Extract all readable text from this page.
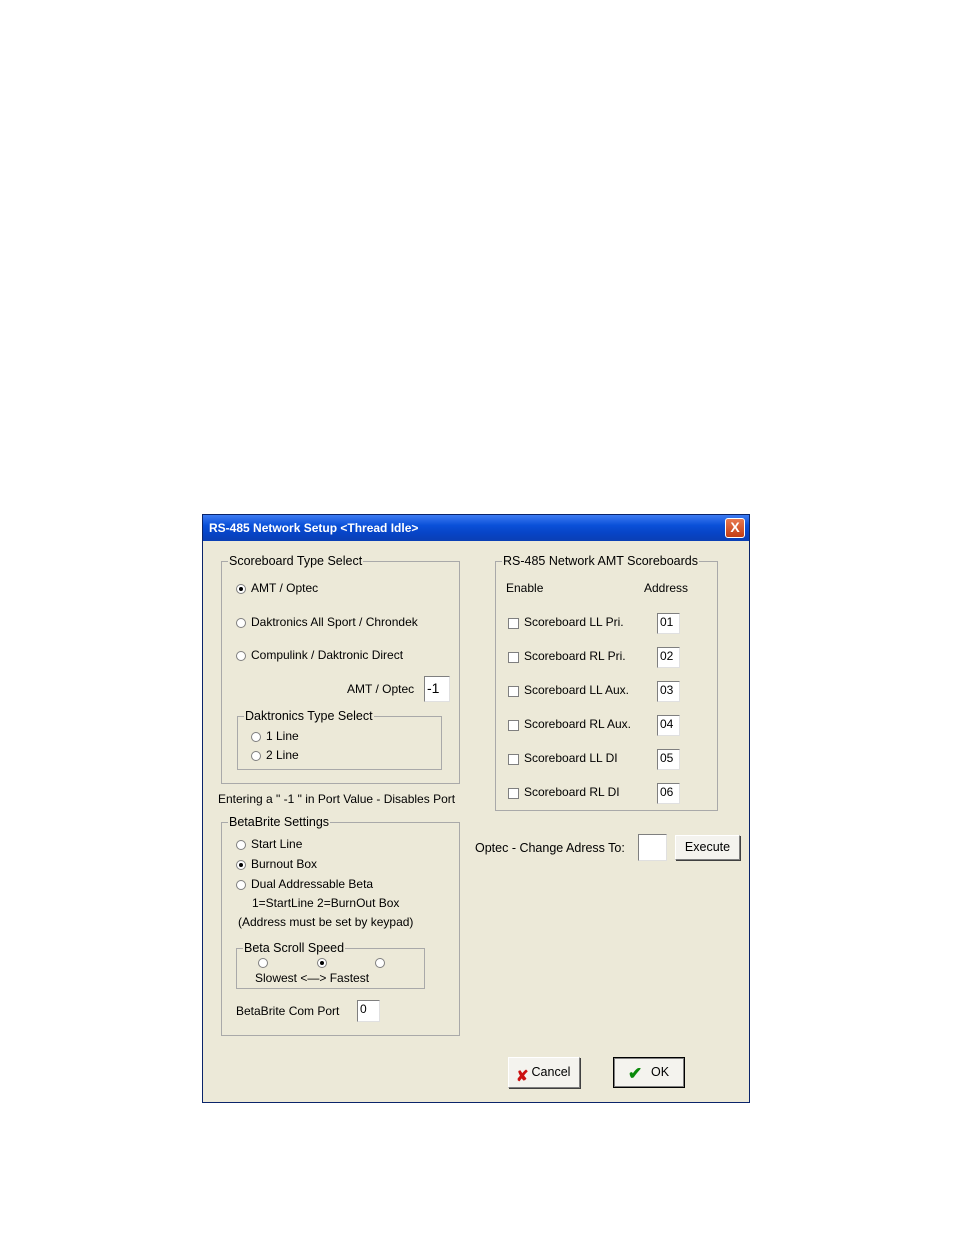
RS-485 Network Setup <Thread Idle>	X
Scoreboard Type Select
AMT / Optec
Daktronics All Sport / Chrondek
Compulink / Daktronic Direct
AMT / Optec -1
Daktronics Type Select
1 Line
2 Line
Entering a " -1 " in Port Value - Disables Port
BetaBrite Settings
Start Line
Burnout Box
Dual Addressable Beta
1=StartLine 2=BurnOut Box
(Address must be set by keypad)
Beta Scroll Speed
Slowest <—> Fastest
BetaBrite Com Port 0
RS-485 Network AMT Scoreboards
Enable	Address
Scoreboard LL Pri.	01
Scoreboard RL Pri.	02
Scoreboard LL Aux.	03
Scoreboard RL Aux. 04
Scoreboard LL DI	05
Scoreboard RL DI	06
Optec - Change Adress To:	Execute
✘ Cancel	✔ OK
